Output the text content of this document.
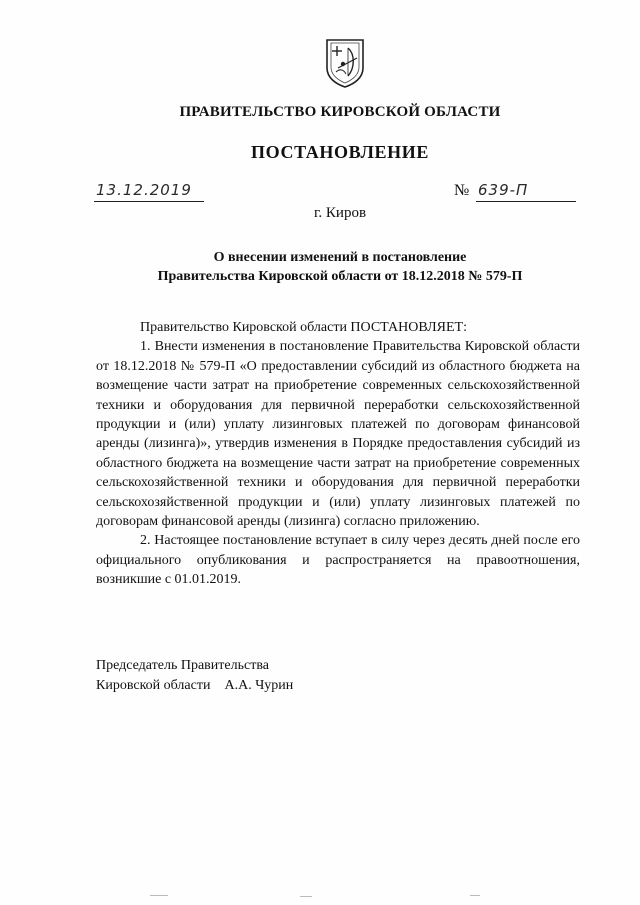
ПРАВИТЕЛЬСТВО КИРОВСКОЙ ОБЛАСТИ
ПОСТАНОВЛЕНИЕ
13.12.2019	№ 639-П
г. Киров
О внесении изменений в постановление
Правительства Кировской области от 18.12.2018 № 579-П

Правительство Кировской области ПОСТАНОВЛЯЕТ:

1. Внести изменения в постановление Правительства Кировской области от 18.12.2018 № 579-П «О предоставлении субсидий из областного бюджета на возмещение части затрат на приобретение современных сельскохозяйственной техники и оборудования для первичной переработки сельскохозяйственной продукции и (или) уплату лизинговых платежей по договорам финансовой аренды (лизинга)», утвердив изменения в Порядке предоставления субсидий из областного бюджета на возмещение части затрат на приобретение современных сельскохозяйственной техники и оборудования для первичной переработки сельскохозяйственной продукции и (или) уплату лизинговых платежей по договорам финансовой аренды (лизинга) согласно приложению.

2. Настоящее постановление вступает в силу через десять дней после его официального опубликования и распространяется на правоотношения, возникшие с 01.01.2019.

Председатель Правительства
Кировской области А.А. Чурин
